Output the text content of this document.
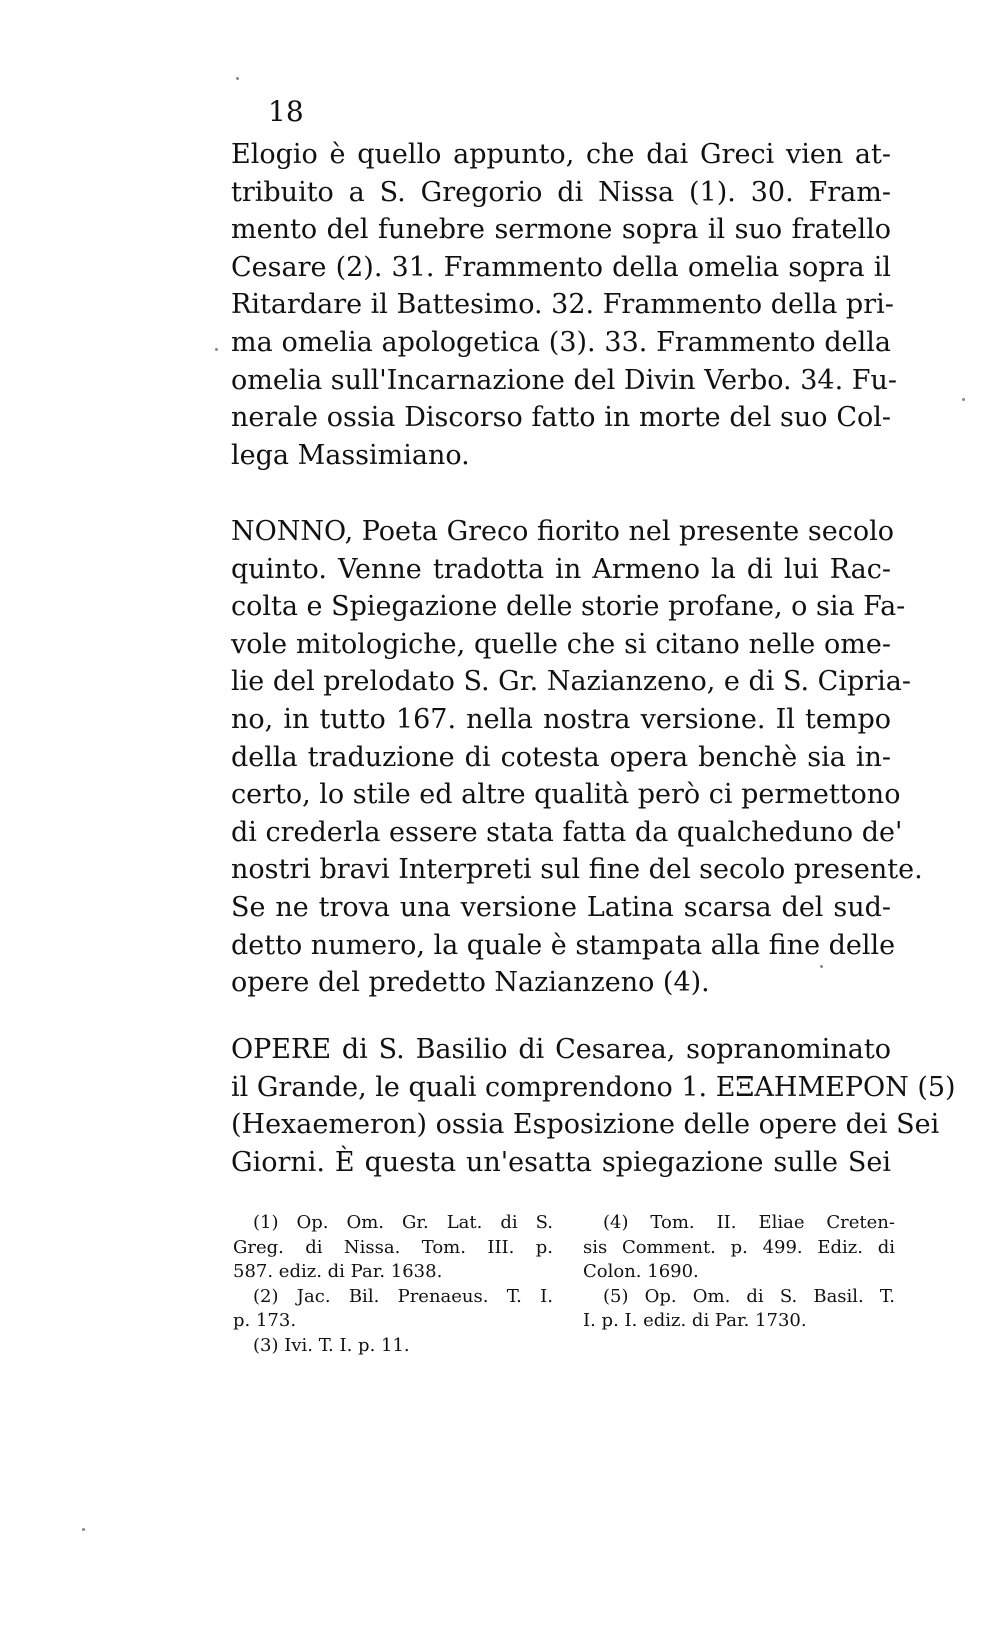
18
Elogio è quello appunto, che dai Greci vien at-
tribuito a S. Gregorio di Nissa (1). 30. Fram-
mento del funebre sermone sopra il suo fratello
Cesare (2). 31. Frammento della omelia sopra il
Ritardare il Battesimo. 32. Frammento della pri-
ma omelia apologetica (3). 33. Frammento della
omelia sull'Incarnazione del Divin Verbo. 34. Fu-
nerale ossia Discorso fatto in morte del suo Col-
lega Massimiano.
NONNO, Poeta Greco fiorito nel presente secolo
quinto. Venne tradotta in Armeno la di lui Rac-
colta e Spiegazione delle storie profane, o sia Fa-
vole mitologiche, quelle che si citano nelle ome-
lie del prelodato S. Gr. Nazianzeno, e di S. Cipria-
no, in tutto 167. nella nostra versione. Il tempo
della traduzione di cotesta opera benchè sia in-
certo, lo stile ed altre qualità però ci permettono
di crederla essere stata fatta da qualcheduno de'
nostri bravi Interpreti sul fine del secolo presente.
Se ne trova una versione Latina scarsa del sud-
detto numero, la quale è stampata alla fine delle
opere del predetto Nazianzeno (4).
OPERE di S. Basilio di Cesarea, sopranominato
il Grande, le quali comprendono 1. ΕΞΑΗΜΕΡΟΝ (5)
(Hexaemeron) ossia Esposizione delle opere dei Sei
Giorni. È questa un'esatta spiegazione sulle Sei
(1) Op. Om. Gr. Lat. di S.
Greg. di Nissa. Tom. III. p.
587. ediz. di Par. 1638.
(2) Jac. Bil. Prenaeus. T. I.
p. 173.
(3) Ivi. T. I. p. 11.
(4) Tom. II. Eliae Creten-
sis Comment. p. 499. Ediz. di
Colon. 1690.
(5) Op. Om. di S. Basil. T.
I. p. I. ediz. di Par. 1730.
